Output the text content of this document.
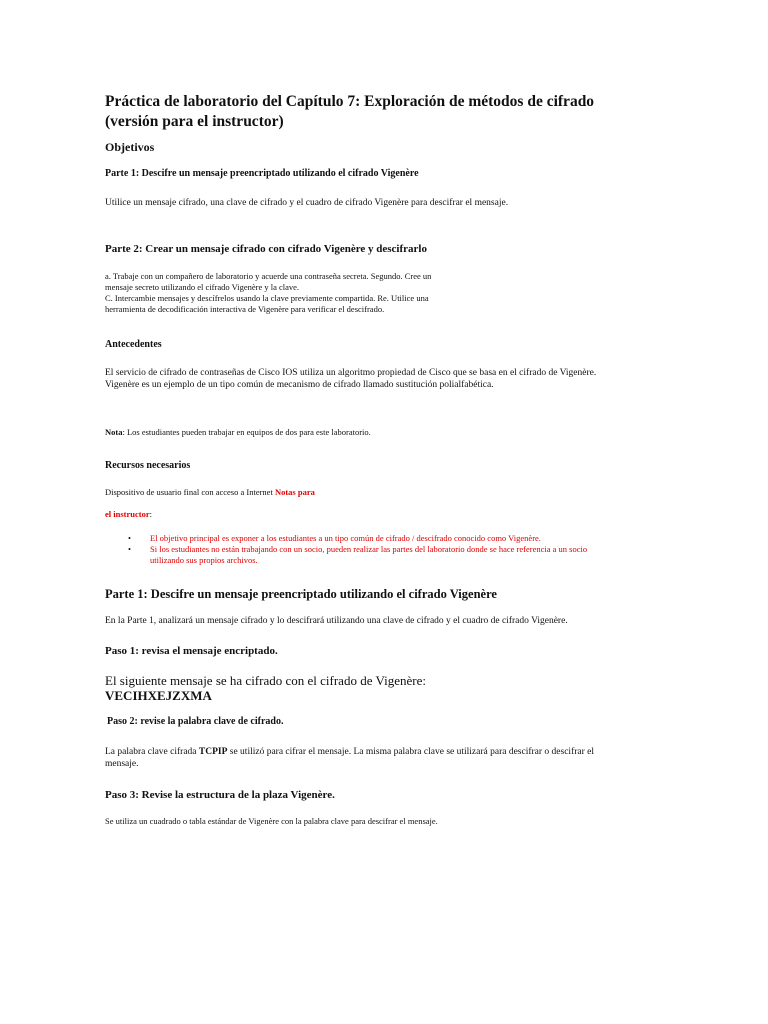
Práctica de laboratorio del Capítulo 7: Exploración de métodos de cifrado
(versión para el instructor)
Objetivos
Parte 1: Descifre un mensaje preencriptado utilizando el cifrado Vigenère
Utilice un mensaje cifrado, una clave de cifrado y el cuadro de cifrado Vigenère para descifrar el mensaje.
Parte 2: Crear un mensaje cifrado con cifrado Vigenère y descifrarlo
a. Trabaje con un compañero de laboratorio y acuerde una contraseña secreta. Segundo. Cree un
mensaje secreto utilizando el cifrado Vigenère y la clave.
C. Intercambie mensajes y descífrelos usando la clave previamente compartida. Re. Utilice una
herramienta de decodificación interactiva de Vigenère para verificar el descifrado.
Antecedentes
El servicio de cifrado de contraseñas de Cisco IOS utiliza un algoritmo propiedad de Cisco que se basa en el cifrado de Vigenère.
Vigenère es un ejemplo de un tipo común de mecanismo de cifrado llamado sustitución polialfabética.
Nota: Los estudiantes pueden trabajar en equipos de dos para este laboratorio.
Recursos necesarios
Dispositivo de usuario final con acceso a Internet Notas para
el instructor:
•	El objetivo principal es exponer a los estudiantes a un tipo común de cifrado / descifrado conocido como Vigenère.
•	Si los estudiantes no están trabajando con un socio, pueden realizar las partes del laboratorio donde se hace referencia a un socio
utilizando sus propios archivos.
Parte 1: Descifre un mensaje preencriptado utilizando el cifrado Vigenère
En la Parte 1, analizará un mensaje cifrado y lo descifrará utilizando una clave de cifrado y el cuadro de cifrado Vigenère.
Paso 1: revisa el mensaje encriptado.
El siguiente mensaje se ha cifrado con el cifrado de Vigenère:
VECIHXEJZXMA
Paso 2: revise la palabra clave de cifrado.
La palabra clave cifrada TCPIP se utilizó para cifrar el mensaje. La misma palabra clave se utilizará para descifrar o descifrar el
mensaje.
Paso 3: Revise la estructura de la plaza Vigenère.
Se utiliza un cuadrado o tabla estándar de Vigenère con la palabra clave para descifrar el mensaje.
